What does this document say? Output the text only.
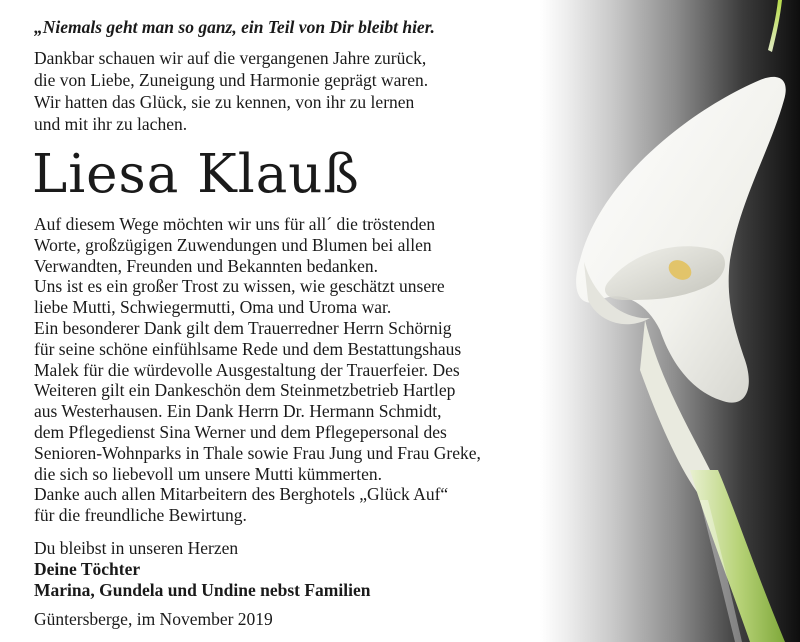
„Niemals geht man so ganz, ein Teil von Dir bleibt hier.
Dankbar schauen wir auf die vergangenen Jahre zurück,
die von Liebe, Zuneigung und Harmonie geprägt waren.
Wir hatten das Glück, sie zu kennen, von ihr zu lernen
und mit ihr zu lachen.
Liesa Klauß
Auf diesem Wege möchten wir uns für all´ die tröstenden
Worte, großzügigen Zuwendungen und Blumen bei allen
Verwandten, Freunden und Bekannten bedanken.
Uns ist es ein großer Trost zu wissen, wie geschätzt unsere
liebe Mutti, Schwiegermutti, Oma und Uroma war.
Ein besonderer Dank gilt dem Trauerredner Herrn Schörnig
für seine schöne einfühlsame Rede und dem Bestattungshaus
Malek für die würdevolle Ausgestaltung der Trauerfeier. Des
Weiteren gilt ein Dankeschön dem Steinmetzbetrieb Hartlep
aus Westerhausen. Ein Dank Herrn Dr. Hermann Schmidt,
dem Pflegedienst Sina Werner und dem Pflegepersonal des
Senioren-Wohnparks in Thale sowie Frau Jung und Frau Greke,
die sich so liebevoll um unsere Mutti kümmerten.
Danke auch allen Mitarbeitern des Berghotels „Glück Auf“
für die freundliche Bewirtung.
Du bleibst in unseren Herzen
Deine Töchter
Marina, Gundela und Undine nebst Familien
Güntersberge, im November 2019
